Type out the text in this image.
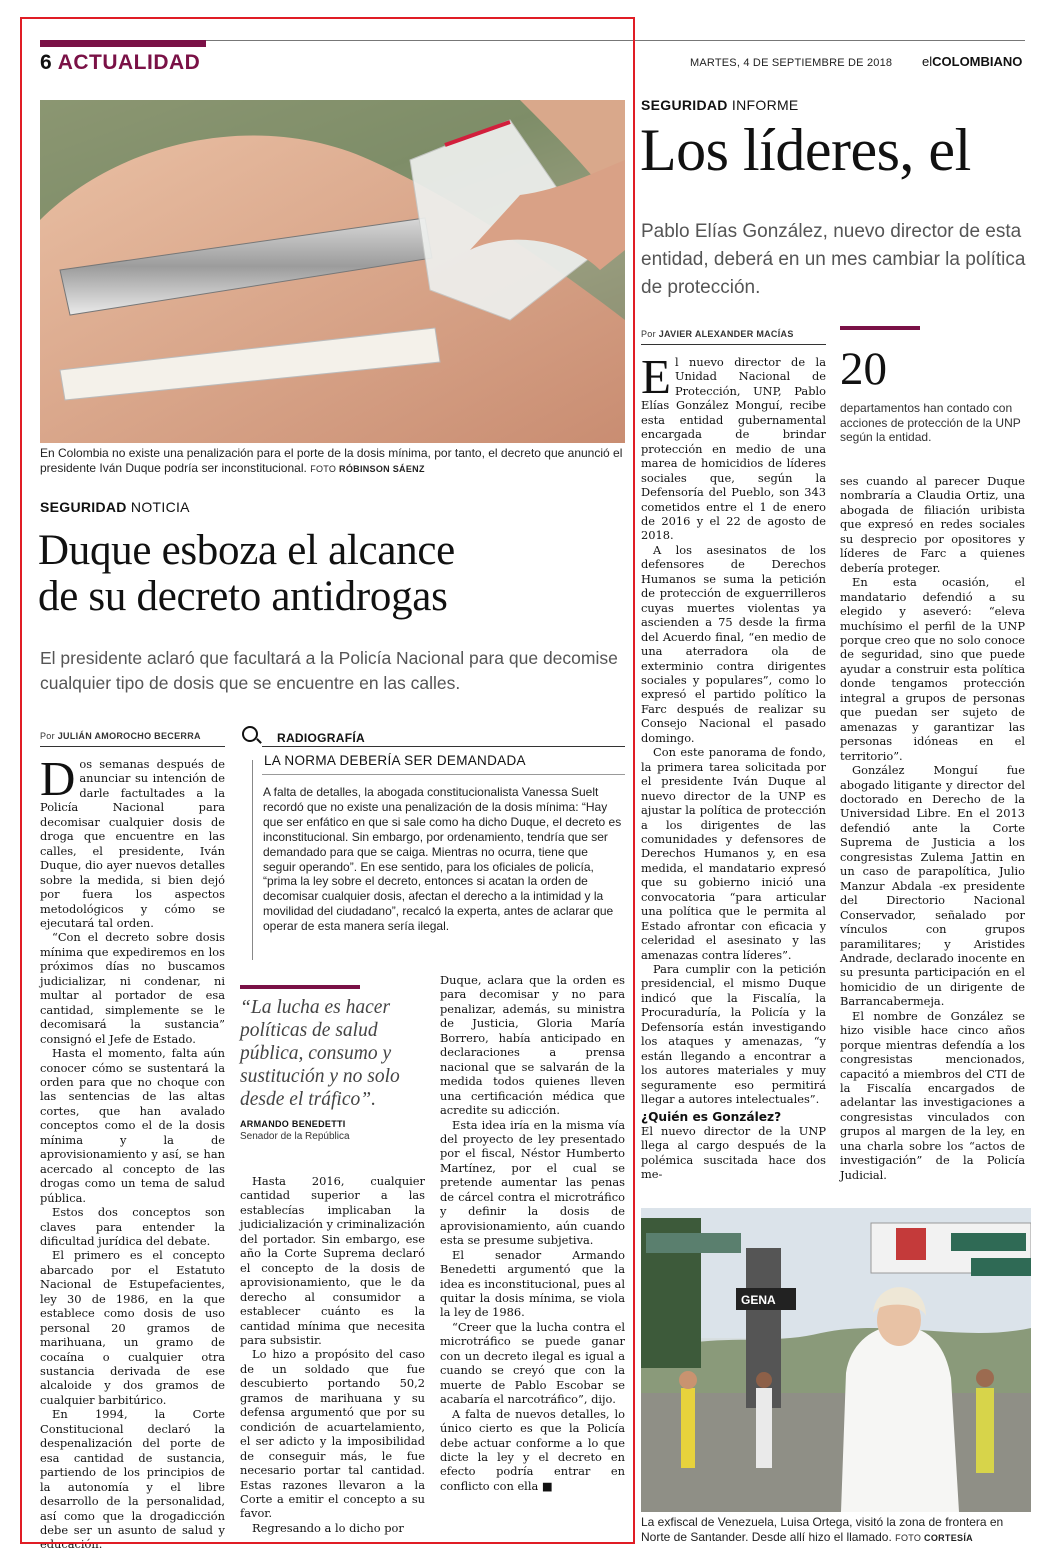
6 ACTUALIDAD	MARTES, 4 DE SEPTIEMBRE DE 2018 elCOLOMBIANO
En Colombia no existe una penalización para el porte de la dosis mínima, por tanto, el decreto que anunció el presidente Iván Duque podría ser inconstitucional. FOTO RÓBINSON SÁENZ
SEGURIDAD NOTICIA
Duque esboza el alcance
de su decreto antidrogas
El presidente aclaró que facultará a la Policía Nacional para que decomise cualquier tipo de dosis que se encuentre en las calles.
Por JULIÁN AMOROCHO BECERRA

Dos semanas después de anunciar su intención de darle factultades a la Policía Nacional para decomisar cualquier dosis de droga que encuentre en las calles, el presidente, Iván Duque, dio ayer nuevos detalles sobre la medida, si bien dejó por fuera los aspectos metodológicos y cómo se ejecutará tal orden.

“Con el decreto sobre dosis mínima que expediremos en los próximos días no buscamos judicializar, ni condenar, ni multar al portador de esa cantidad, simplemente se le decomisará la sustancia” consignó el Jefe de Estado.

Hasta el momento, falta aún conocer cómo se sustentará la orden para que no choque con las sentencias de las altas cortes, que han avalado conceptos como el de la dosis mínima y la de aprovisionamiento y así, se han acercado al concepto de las drogas como un tema de salud pública.

Estos dos conceptos son claves para entender la dificultad jurídica del debate.

El primero es el concepto abarcado por el Estatuto Nacional de Estupefacientes, ley 30 de 1986, en la que establece como dosis de uso personal 20 gramos de marihuana, un gramo de cocaína o cualquier otra sustancia derivada de ese alcaloide y dos gramos de cualquier barbitúrico.

En 1994, la Corte Constitucional declaró la despenalización del porte de esa cantidad de sustancia, partiendo de los principios de la autonomía y el libre desarrollo de la personalidad, así como que la drogadicción debe ser un asunto de salud y educación.

RADIOGRAFÍA
LA NORMA DEBERÍA SER DEMANDADA
A falta de detalles, la abogada constitucionalista Vanessa Suelt recordó que no existe una penalización de la dosis mínima: “Hay que ser enfático en que si sale como ha dicho Duque, el decreto es inconstitucional. Sin embargo, por ordenamiento, tendría que ser demandado para que se caiga. Mientras no ocurra, tiene que seguir operando”. En ese sentido, para los oficiales de policía, “prima la ley sobre el decreto, entonces si acatan la orden de decomisar cualquier dosis, afectan el derecho a la intimidad y la movilidad del ciudadano”, recalcó la experta, antes de aclarar que operar de esta manera sería ilegal.
“La lucha es hacer políticas de salud pública, consumo y sustitución y no solo desde el tráfico”.
ARMANDO BENEDETTI
Senador de la República

Hasta 2016, cualquier cantidad superior a las establecías implicaban la judicialización y criminalización del portador. Sin embargo, ese año la Corte Suprema declaró el concepto de la dosis de aprovisionamiento, que le da derecho al consumidor a establecer cuánto es la cantidad mínima que necesita para subsistir.

Lo hizo a propósito del caso de un soldado que fue descubierto portando 50,2 gramos de marihuana y su defensa argumentó que por su condición de acuartelamiento, el ser adicto y la imposibilidad de conseguir más, le fue necesario portar tal cantidad. Estas razones llevaron a la Corte a emitir el concepto a su favor.

Regresando a lo dicho por

Duque, aclara que la orden es para decomisar y no para penalizar, además, su ministra de Justicia, Gloria María Borrero, había anticipado en declaraciones a prensa nacional que se salvarán de la medida todos quienes lleven una certificación médica que acredite su adicción.

Esta idea iría en la misma vía del proyecto de ley presentado por el fiscal, Néstor Humberto Martínez, por el cual se pretende aumentar las penas de cárcel contra el microtráfico y definir la dosis de aprovisionamiento, aún cuando esta se presume subjetiva.

El senador Armando Benedetti argumentó que la idea es inconstitucional, pues al quitar la dosis mínima, se viola la ley de 1986.

“Creer que la lucha contra el microtráfico se puede ganar con un decreto ilegal es igual a cuando se creyó que con la muerte de Pablo Escobar se acabaría el narcotráfico”, dijo.

A falta de nuevos detalles, lo único cierto es que la Policía debe actuar conforme a lo que dicte la ley y el decreto en efecto podría entrar en conflicto con ella ■

SEGURIDAD INFORME
Los líderes, el
Pablo Elías González, nuevo director de esta entidad, deberá en un mes cambiar la política de protección.
Por JAVIER ALEXANDER MACÍAS

El nuevo director de la Unidad Nacional de Protección, UNP, Pablo Elías González Monguí, recibe esta entidad gubernamental encargada de brindar protección en medio de una marea de homicidios de líderes sociales que, según la Defensoría del Pueblo, son 343 cometidos entre el 1 de enero de 2016 y el 22 de agosto de 2018.

A los asesinatos de los defensores de Derechos Humanos se suma la petición de protección de exguerrilleros cuyas muertes violentas ya ascienden a 75 desde la firma del Acuerdo final, “en medio de una aterradora ola de exterminio contra dirigentes sociales y populares”, como lo expresó el partido político la Farc después de realizar su Consejo Nacional el pasado domingo.

Con este panorama de fondo, la primera tarea solicitada por el presidente Iván Duque al nuevo director de la UNP es ajustar la política de protección a los dirigentes de las comunidades y defensores de Derechos Humanos y, en esa medida, el mandatario expresó que su gobierno inició una convocatoria “para articular una política que le permita al Estado afrontar con eficacia y celeridad el asesinato y las amenazas contra líderes”.

Para cumplir con la petición presidencial, el mismo Duque indicó que la Fiscalía, la Procuraduría, la Policía y la Defensoría están investigando los ataques y amenazas, “y están llegando a encontrar a los autores materiales y muy seguramente eso permitirá llegar a autores intelectuales”.

¿Quién es González?

El nuevo director de la UNP llega al cargo después de la polémica suscitada hace dos me-

20
departamentos han contado con acciones de protección de la UNP según la entidad.

ses cuando al parecer Duque nombraría a Claudia Ortiz, una abogada de filiación uribista que expresó en redes sociales su desprecio por opositores y líderes de Farc a quienes debería proteger.

En esta ocasión, el mandatario defendió a su elegido y aseveró: “eleva muchísimo el perfil de la UNP porque creo que no solo conoce de seguridad, sino que puede ayudar a construir esta política donde tengamos protección integral a grupos de personas que puedan ser sujeto de amenazas y garantizar las personas idóneas en el territorio”.

González Monguí fue abogado litigante y director del doctorado en Derecho de la Universidad Libre. En el 2013 defendió ante la Corte Suprema de Justicia a los congresistas Zulema Jattin en un caso de parapolítica, Julio Manzur Abdala -ex presidente del Directorio Nacional Conservador, señalado por vínculos con grupos paramilitares; y Aristides Andrade, declarado inocente en su presunta participación en el homicidio de un dirigente de Barrancabermeja.

El nombre de González se hizo visible hace cinco años porque mientras defendía a los congresistas mencionados, capacitó a miembros del CTI de la Fiscalía encargados de adelantar las investigaciones a congresistas vinculados con grupos al margen de la ley, en una charla sobre los “actos de investigación” de la Policía Judicial.

GENA
La exfiscal de Venezuela, Luisa Ortega, visitó la zona de frontera en Norte de Santander. Desde allí hizo el llamado. FOTO CORTESÍA
